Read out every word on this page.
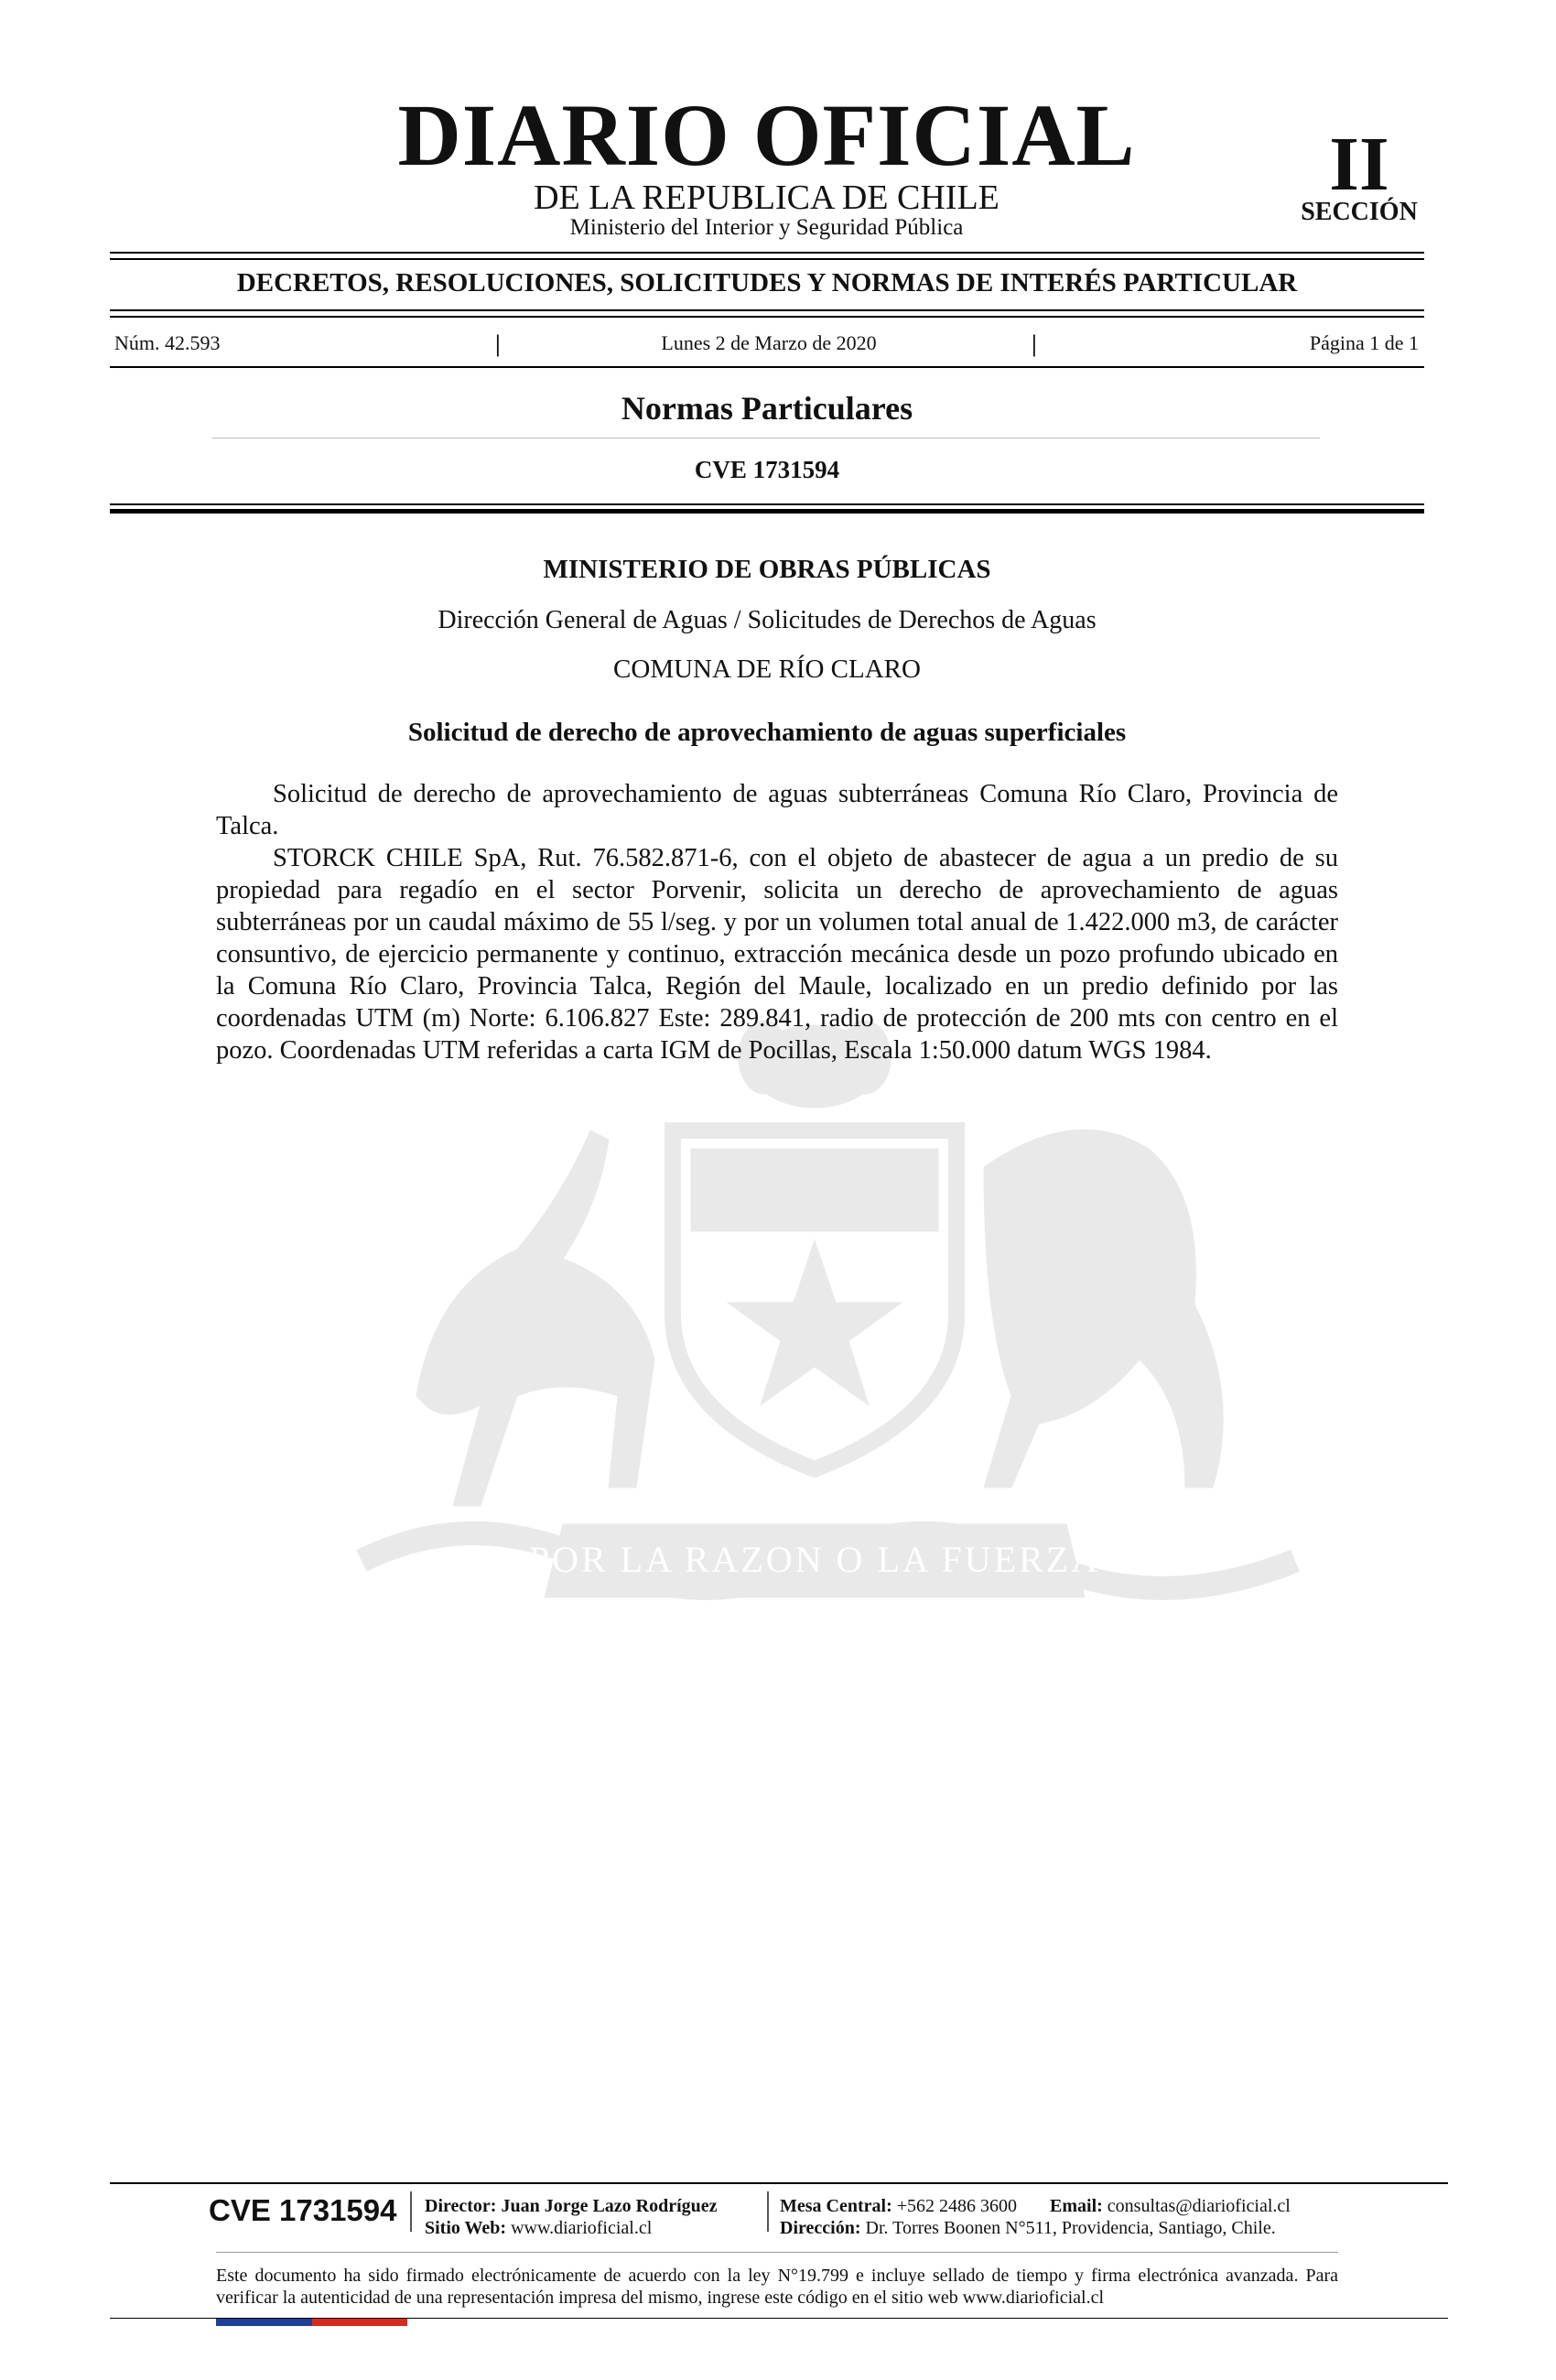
DIARIO OFICIAL
DE LA REPUBLICA DE CHILE
Ministerio del Interior y Seguridad Pública
II
SECCIÓN
DECRETOS, RESOLUCIONES, SOLICITUDES Y NORMAS DE INTERÉS PARTICULAR
Núm. 42.593	|	Lunes 2 de Marzo de 2020	|	Página 1 de 1
Normas Particulares
CVE 1731594
POR LA RAZON O LA FUERZA
MINISTERIO DE OBRAS PÚBLICAS
Dirección General de Aguas / Solicitudes de Derechos de Aguas
COMUNA DE RÍO CLARO
Solicitud de derecho de aprovechamiento de aguas superficiales

Solicitud de derecho de aprovechamiento de aguas subterráneas Comuna Río Claro, Provincia de Talca.

STORCK CHILE SpA, Rut. 76.582.871-6, con el objeto de abastecer de agua a un predio de su propiedad para regadío en el sector Porvenir, solicita un derecho de aprovechamiento de aguas subterráneas por un caudal máximo de 55 l/seg. y por un volumen total anual de 1.422.000 m3, de carácter consuntivo, de ejercicio permanente y continuo, extracción mecánica desde un pozo profundo ubicado en la Comuna Río Claro, Provincia Talca, Región del Maule, localizado en un predio definido por las coordenadas UTM (m) Norte: 6.106.827 Este: 289.841, radio de protección de 200 mts con centro en el pozo. Coordenadas UTM referidas a carta IGM de Pocillas, Escala 1:50.000 datum WGS 1984.

CVE 1731594 Director: Juan Jorge Lazo Rodríguez
Sitio Web: www.diarioficial.cl
Mesa Central: +562 2486 3600 Email: consultas@diarioficial.cl
Dirección: Dr. Torres Boonen N°511, Providencia, Santiago, Chile.
Este documento ha sido firmado electrónicamente de acuerdo con la ley N°19.799 e incluye sellado de tiempo y firma electrónica avanzada. Para verificar la autenticidad de una representación impresa del mismo, ingrese este código en el sitio web www.diarioficial.cl
